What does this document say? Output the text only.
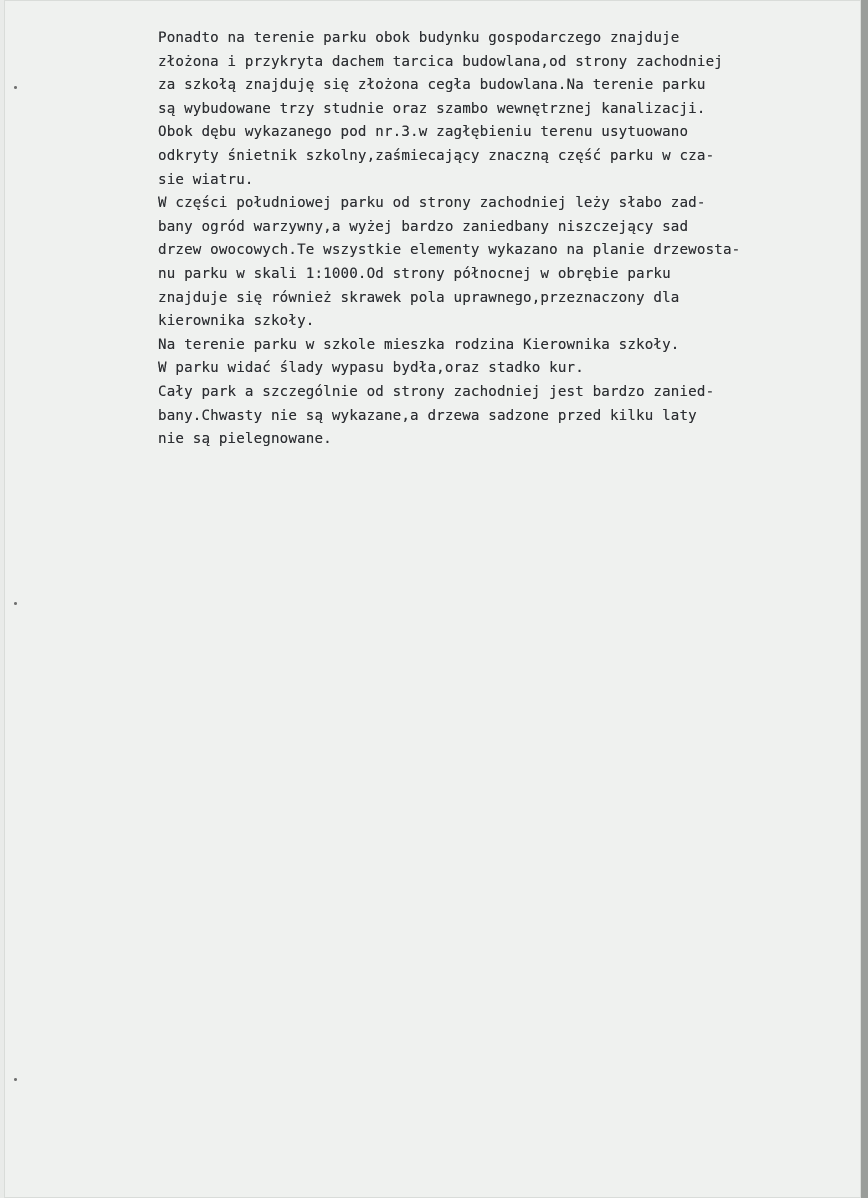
Ponadto na terenie parku obok budynku gospodarczego znajduje
złożona i przykryta dachem tarcica budowlana,od strony zachodniej
za szkołą znajduję się złożona cegła budowlana.Na terenie parku
są wybudowane trzy studnie oraz szambo wewnętrznej kanalizacji.
Obok dębu wykazanego pod nr.3.w zagłębieniu terenu usytuowano
odkryty śnietnik szkolny,zaśmiecający znaczną część parku w cza-
sie wiatru.
W części południowej parku od strony zachodniej leży słabo zad-
bany ogród warzywny,a wyżej bardzo zaniedbany niszczejący sad
drzew owocowych.Te wszystkie elementy wykazano na planie drzewosta-
nu parku w skali 1:1000.Od strony północnej w obrębie parku
znajduje się również skrawek pola uprawnego,przeznaczony dla
kierownika szkoły.
Na terenie parku w szkole mieszka rodzina Kierownika szkoły.
W parku widać ślady wypasu bydła,oraz stadko kur.
Cały park a szczególnie od strony zachodniej jest bardzo zanied-
bany.Chwasty nie są wykazane,a drzewa sadzone przed kilku laty
nie są pielegnowane.
